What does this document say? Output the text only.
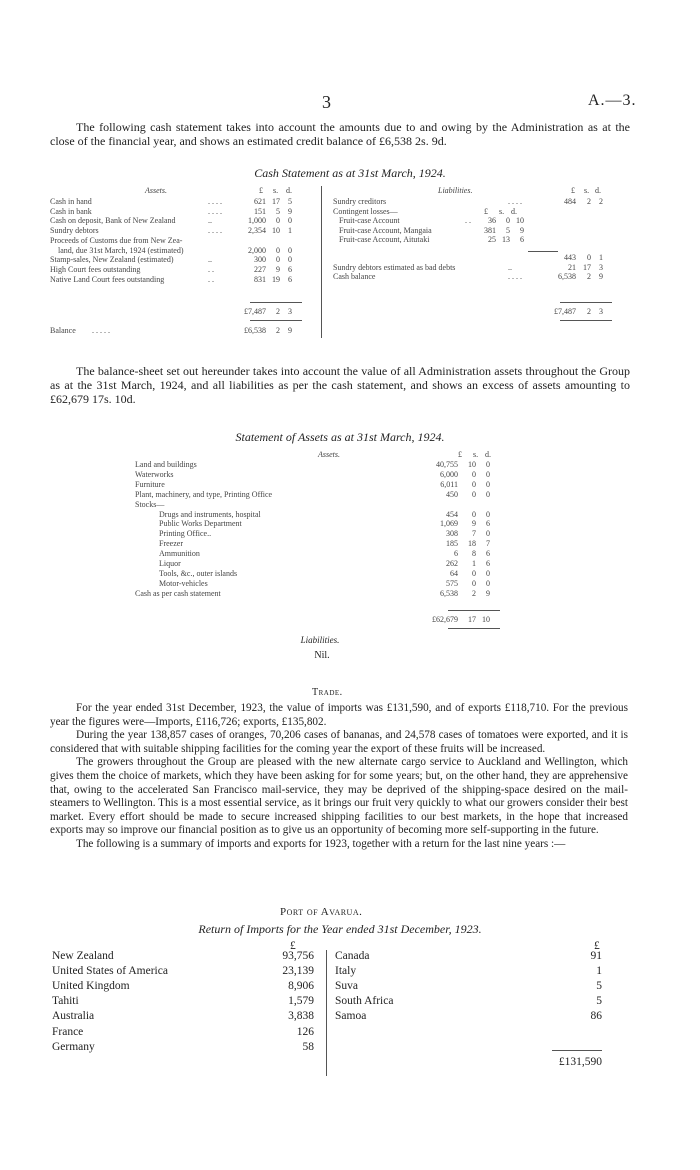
3	A.—3.
The following cash statement takes into account the amounts due to and owing by the Administration as at the close of the financial year, and shows an estimated credit balance of £6,538 2s. 9d.
Cash Statement as at 31st March, 1924.
Assets.	Liabilities.
£ s. d.	£ s. d.
Cash in hand	. . . .	621 17	5
Cash in bank	. . . .	151	5	9
Cash on deposit, Bank of New Zealand	..	1,000	0	0
Sundry debtors	. . . .	2,354 10	1
Proceeds of Customs due from New Zea-
land, due 31st March, 1924 (estimated)	2,000	0	0
Stamp-sales, New Zealand (estimated)	..	300	0	0
High Court fees outstanding	. .	227	9	6
Native Land Court fees outstanding	. .	831 19	6
£7,487	2	3
Balance . . . . .	£6,538	2	9
Sundry creditors	. . . .	484	2	2
Contingent losses—	£ s. d.
Fruit-case Account	. .	36	0 10
Fruit-case Account, Mangaia	381	5	9
Fruit-case Account, Aitutaki	25 13	6
443	0	1
Sundry debtors estimated as bad debts	..	21 17	3
Cash balance	. . . .	6,538	2	9
£7,487	2	3
The balance-sheet set out hereunder takes into account the value of all Administration assets throughout the Group as at the 31st March, 1924, and all liabilities as per the cash statement, and shows an excess of assets amounting to £62,679 17s. 10d.
Statement of Assets as at 31st March, 1924.
Assets.	£ s. d.
Land and buildings	40,755	10	0
Waterworks	6,000	0	0
Furniture	6,011	0	0
Plant, machinery, and type, Printing Office	450	0	0
Stocks—
Drugs and instruments, hospital	454	0	0
Public Works Department	1,069	9	6
Printing Office..	308	7	0
Freezer	185	18	7
Ammunition	6	8	6
Liquor	262	1	6
Tools, &c., outer islands	64	0	0
Motor-vehicles	575	0	0
Cash as per cash statement	6,538	2	9
£62,679	17 10
Liabilities.
Nil.
Trade.
For the year ended 31st December, 1923, the value of imports was £131,590, and of exports £118,710. For the previous year the figures were—Imports, £116,726; exports, £135,802.
During the year 138,857 cases of oranges, 70,206 cases of bananas, and 24,578 cases of tomatoes were exported, and it is considered that with suitable shipping facilities for the coming year the export of these fruits will be increased.
The growers throughout the Group are pleased with the new alternate cargo service to Auckland and Wellington, which gives them the choice of markets, which they have been asking for for some years; but, on the other hand, they are apprehensive that, owing to the accelerated San Francisco mail-service, they may be deprived of the shipping-space desired on the mail-steamers to Wellington. This is a most essential service, as it brings our fruit very quickly to what our growers consider their best market. Every effort should be made to secure increased shipping facilities to our best markets, in the hope that increased exports may so improve our financial position as to give us an opportunity of becoming more self-supporting in the future.
The following is a summary of imports and exports for 1923, together with a return for the last nine years :—
Port of Avarua.
Return of Imports for the Year ended 31st December, 1923.
£	£
New Zealand	93,756
United States of America	23,139
United Kingdom	8,906
Tahiti	1,579
Australia	3,838
France	126
Germany	58
Canada	91
Italy	1
Suva	5
South Africa	5
Samoa	86
£131,590
